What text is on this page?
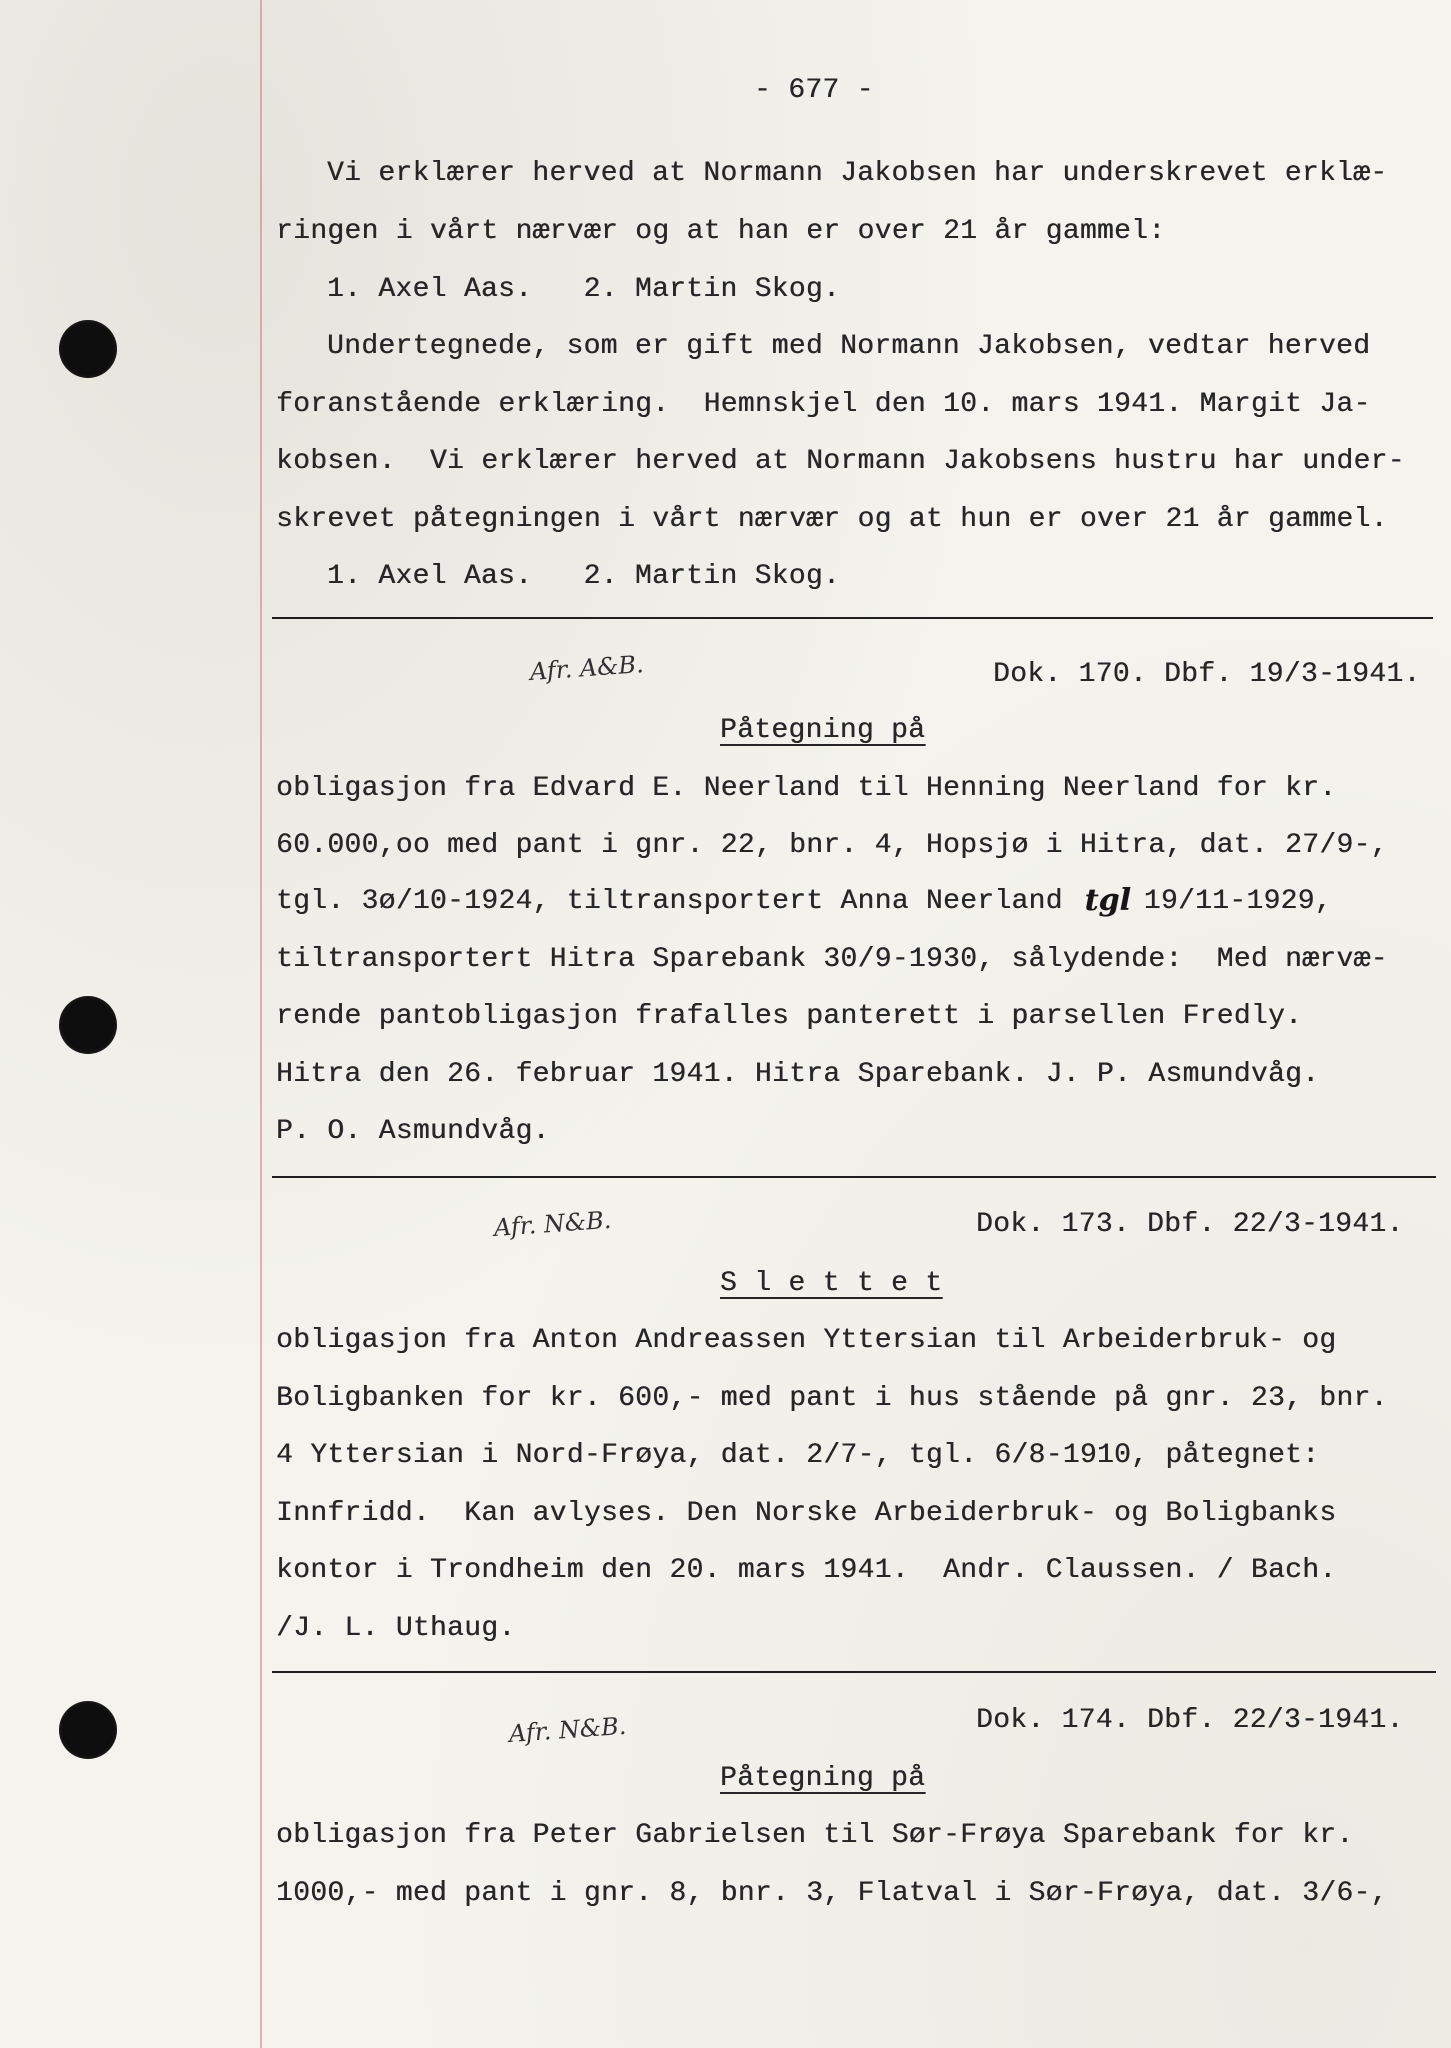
- 677 -
Vi erklærer herved at Normann Jakobsen har underskrevet erklæ-
ringen i vårt nærvær og at han er over 21 år gammel:
1. Axel Aas.   2. Martin Skog.
Undertegnede, som er gift med Normann Jakobsen, vedtar herved
foranstående erklæring.  Hemnskjel den 10. mars 1941. Margit Ja-
kobsen.  Vi erklærer herved at Normann Jakobsens hustru har under-
skrevet påtegningen i vårt nærvær og at hun er over 21 år gammel.
1. Axel Aas.   2. Martin Skog.
Afr. A&B.	Dok. 170. Dbf. 19/3-1941.
Påtegning på
obligasjon fra Edvard E. Neerland til Henning Neerland for kr.
60.000,oo med pant i gnr. 22, bnr. 4, Hopsjø i Hitra, dat. 27/9-,
tgl. 3ø/10-1924, tiltransportert Anna Neerland tgl 19/11-1929,
tiltransportert Hitra Sparebank 30/9-1930, sålydende:  Med nærvæ-
rende pantobligasjon frafalles panterett i parsellen Fredly.
Hitra den 26. februar 1941. Hitra Sparebank. J. P. Asmundvåg.
P. O. Asmundvåg.
Afr. N&B.	Dok. 173. Dbf. 22/3-1941.
S l e t t e t
obligasjon fra Anton Andreassen Yttersian til Arbeiderbruk- og
Boligbanken for kr. 600,- med pant i hus stående på gnr. 23, bnr.
4 Yttersian i Nord-Frøya, dat. 2/7-, tgl. 6/8-1910, påtegnet:
Innfridd.  Kan avlyses. Den Norske Arbeiderbruk- og Boligbanks
kontor i Trondheim den 20. mars 1941.  Andr. Claussen. / Bach.
/J. L. Uthaug.
Dok. 174. Dbf. 22/3-1941.
Afr. N&B.
Påtegning på
obligasjon fra Peter Gabrielsen til Sør-Frøya Sparebank for kr.
1000,- med pant i gnr. 8, bnr. 3, Flatval i Sør-Frøya, dat. 3/6-,
